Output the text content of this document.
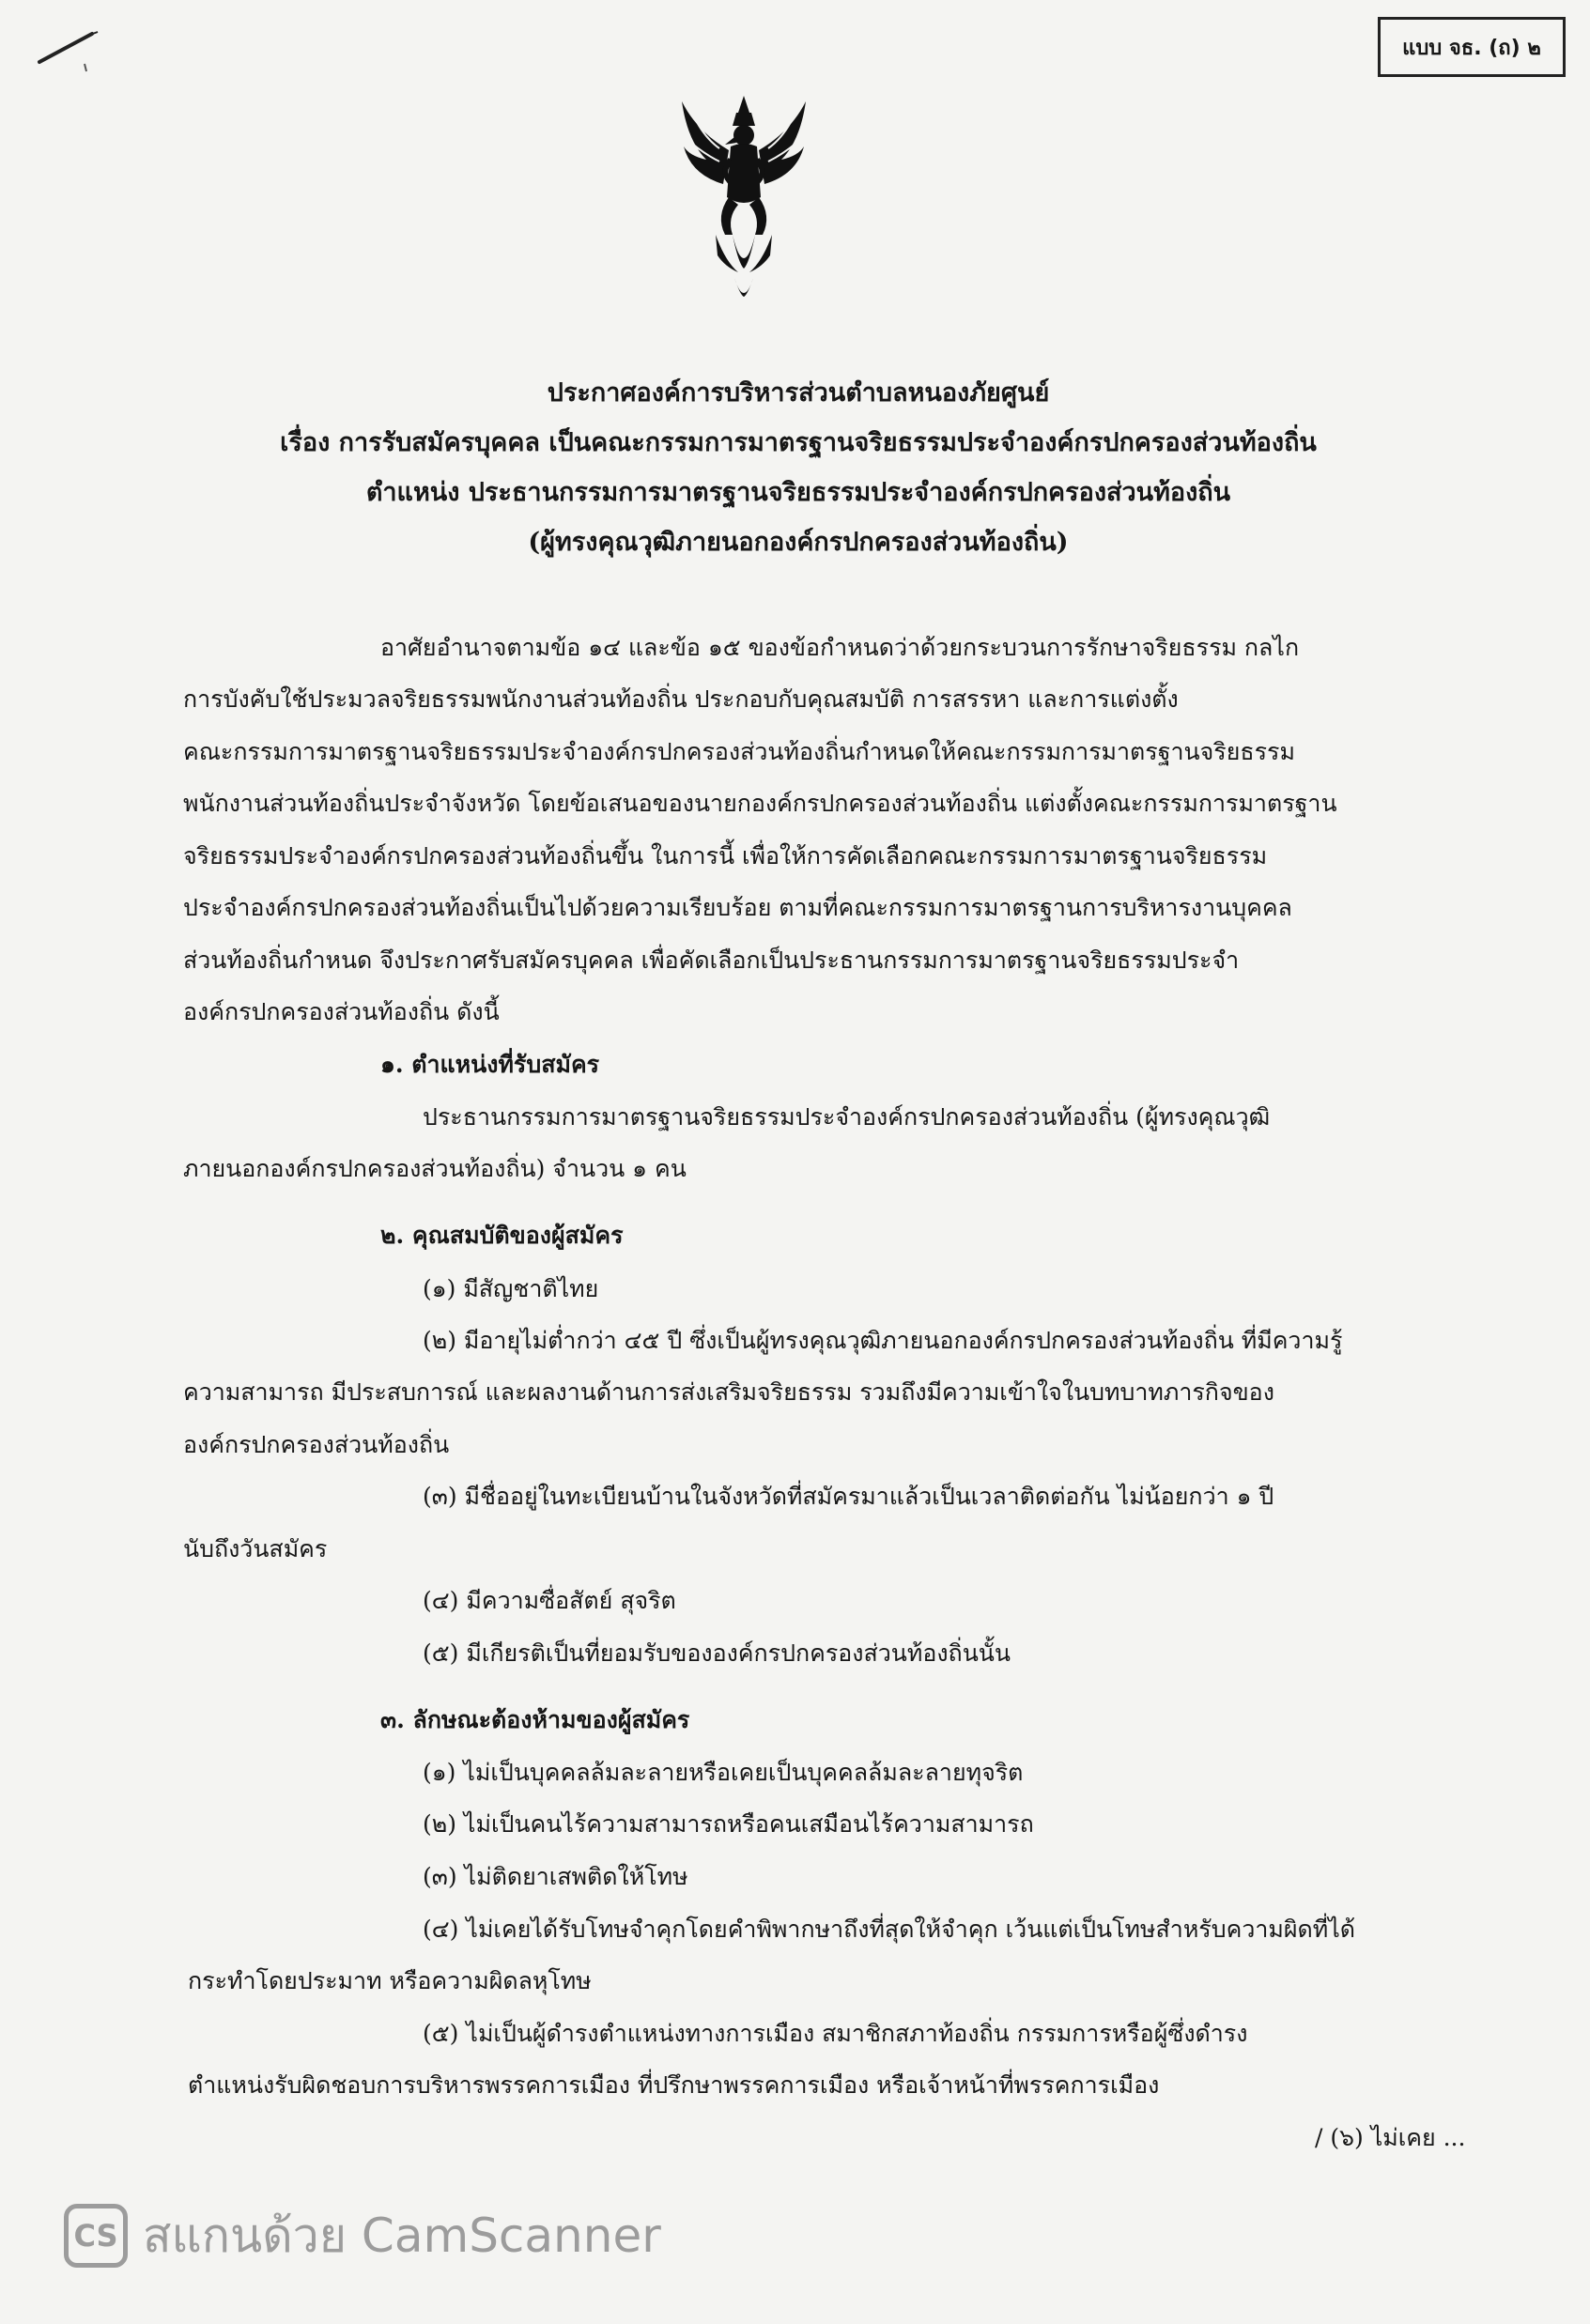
แบบ จธ. (ถ) ๒
ประกาศองค์การบริหารส่วนตำบลหนองภัยศูนย์
เรื่อง การรับสมัครบุคคล เป็นคณะกรรมการมาตรฐานจริยธรรมประจำองค์กรปกครองส่วนท้องถิ่น
ตำแหน่ง ประธานกรรมการมาตรฐานจริยธรรมประจำองค์กรปกครองส่วนท้องถิ่น
(ผู้ทรงคุณวุฒิภายนอกองค์กรปกครองส่วนท้องถิ่น)
อาศัยอำนาจตามข้อ ๑๔ และข้อ ๑๕ ของข้อกำหนดว่าด้วยกระบวนการรักษาจริยธรรม กลไก
การบังคับใช้ประมวลจริยธรรมพนักงานส่วนท้องถิ่น ประกอบกับคุณสมบัติ การสรรหา และการแต่งตั้ง
คณะกรรมการมาตรฐานจริยธรรมประจำองค์กรปกครองส่วนท้องถิ่นกำหนดให้คณะกรรมการมาตรฐานจริยธรรม
พนักงานส่วนท้องถิ่นประจำจังหวัด โดยข้อเสนอของนายกองค์กรปกครองส่วนท้องถิ่น แต่งตั้งคณะกรรมการมาตรฐาน
จริยธรรมประจำองค์กรปกครองส่วนท้องถิ่นขึ้น ในการนี้ เพื่อให้การคัดเลือกคณะกรรมการมาตรฐานจริยธรรม
ประจำองค์กรปกครองส่วนท้องถิ่นเป็นไปด้วยความเรียบร้อย ตามที่คณะกรรมการมาตรฐานการบริหารงานบุคคล
ส่วนท้องถิ่นกำหนด จึงประกาศรับสมัครบุคคล เพื่อคัดเลือกเป็นประธานกรรมการมาตรฐานจริยธรรมประจำ
องค์กรปกครองส่วนท้องถิ่น ดังนี้
๑. ตำแหน่งที่รับสมัคร
ประธานกรรมการมาตรฐานจริยธรรมประจำองค์กรปกครองส่วนท้องถิ่น (ผู้ทรงคุณวุฒิ
ภายนอกองค์กรปกครองส่วนท้องถิ่น) จำนวน ๑ คน
๒. คุณสมบัติของผู้สมัคร
(๑) มีสัญชาติไทย
(๒) มีอายุไม่ต่ำกว่า ๔๕ ปี ซึ่งเป็นผู้ทรงคุณวุฒิภายนอกองค์กรปกครองส่วนท้องถิ่น ที่มีความรู้
ความสามารถ มีประสบการณ์ และผลงานด้านการส่งเสริมจริยธรรม รวมถึงมีความเข้าใจในบทบาทภารกิจของ
องค์กรปกครองส่วนท้องถิ่น
(๓) มีชื่ออยู่ในทะเบียนบ้านในจังหวัดที่สมัครมาแล้วเป็นเวลาติดต่อกัน ไม่น้อยกว่า ๑ ปี
นับถึงวันสมัคร
(๔) มีความซื่อสัตย์ สุจริต
(๕) มีเกียรติเป็นที่ยอมรับขององค์กรปกครองส่วนท้องถิ่นนั้น
๓. ลักษณะต้องห้ามของผู้สมัคร
(๑) ไม่เป็นบุคคลล้มละลายหรือเคยเป็นบุคคลล้มละลายทุจริต
(๒) ไม่เป็นคนไร้ความสามารถหรือคนเสมือนไร้ความสามารถ
(๓) ไม่ติดยาเสพติดให้โทษ
(๔) ไม่เคยได้รับโทษจำคุกโดยคำพิพากษาถึงที่สุดให้จำคุก เว้นแต่เป็นโทษสำหรับความผิดที่ได้
กระทำโดยประมาท หรือความผิดลหุโทษ
(๕) ไม่เป็นผู้ดำรงตำแหน่งทางการเมือง สมาชิกสภาท้องถิ่น กรรมการหรือผู้ซึ่งดำรง
ตำแหน่งรับผิดชอบการบริหารพรรคการเมือง ที่ปรึกษาพรรคการเมือง หรือเจ้าหน้าที่พรรคการเมือง
/ (๖) ไม่เคย ...
CS สแกนด้วย CamScanner
